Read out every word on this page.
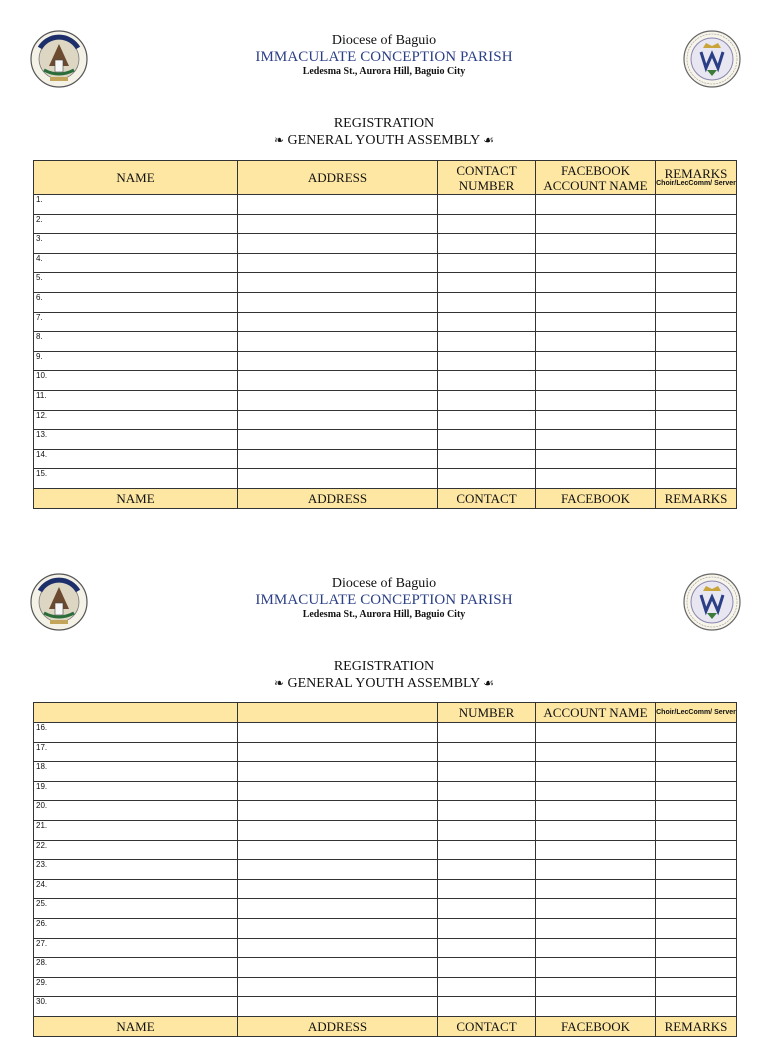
Diocese of Baguio
IMMACULATE CONCEPTION PARISH
Ledesma St., Aurora Hill, Baguio City
REGISTRATION
❧ GENERAL YOUTH ASSEMBLY ☙
NAME	ADDRESS	CONTACT NUMBER	FACEBOOK ACCOUNT NAME	REMARKS
Choir/LecComm/ Server

1.				
2.				
3.				
4.				
5.				
6.				
7.				
8.				
9.				
10.				
11.				
12.				
13.				
14.				
15.				
NAME	ADDRESS	CONTACT	FACEBOOK	REMARKS
Diocese of Baguio
IMMACULATE CONCEPTION PARISH
Ledesma St., Aurora Hill, Baguio City
REGISTRATION
❧ GENERAL YOUTH ASSEMBLY ☙
		NUMBER	ACCOUNT NAME	Choir/LecComm/ Server

16.				
17.				
18.				
19.				
20.				
21.				
22.				
23.				
24.				
25.				
26.				
27.				
28.				
29.				
30.				
NAME	ADDRESS	CONTACT	FACEBOOK	REMARKS
